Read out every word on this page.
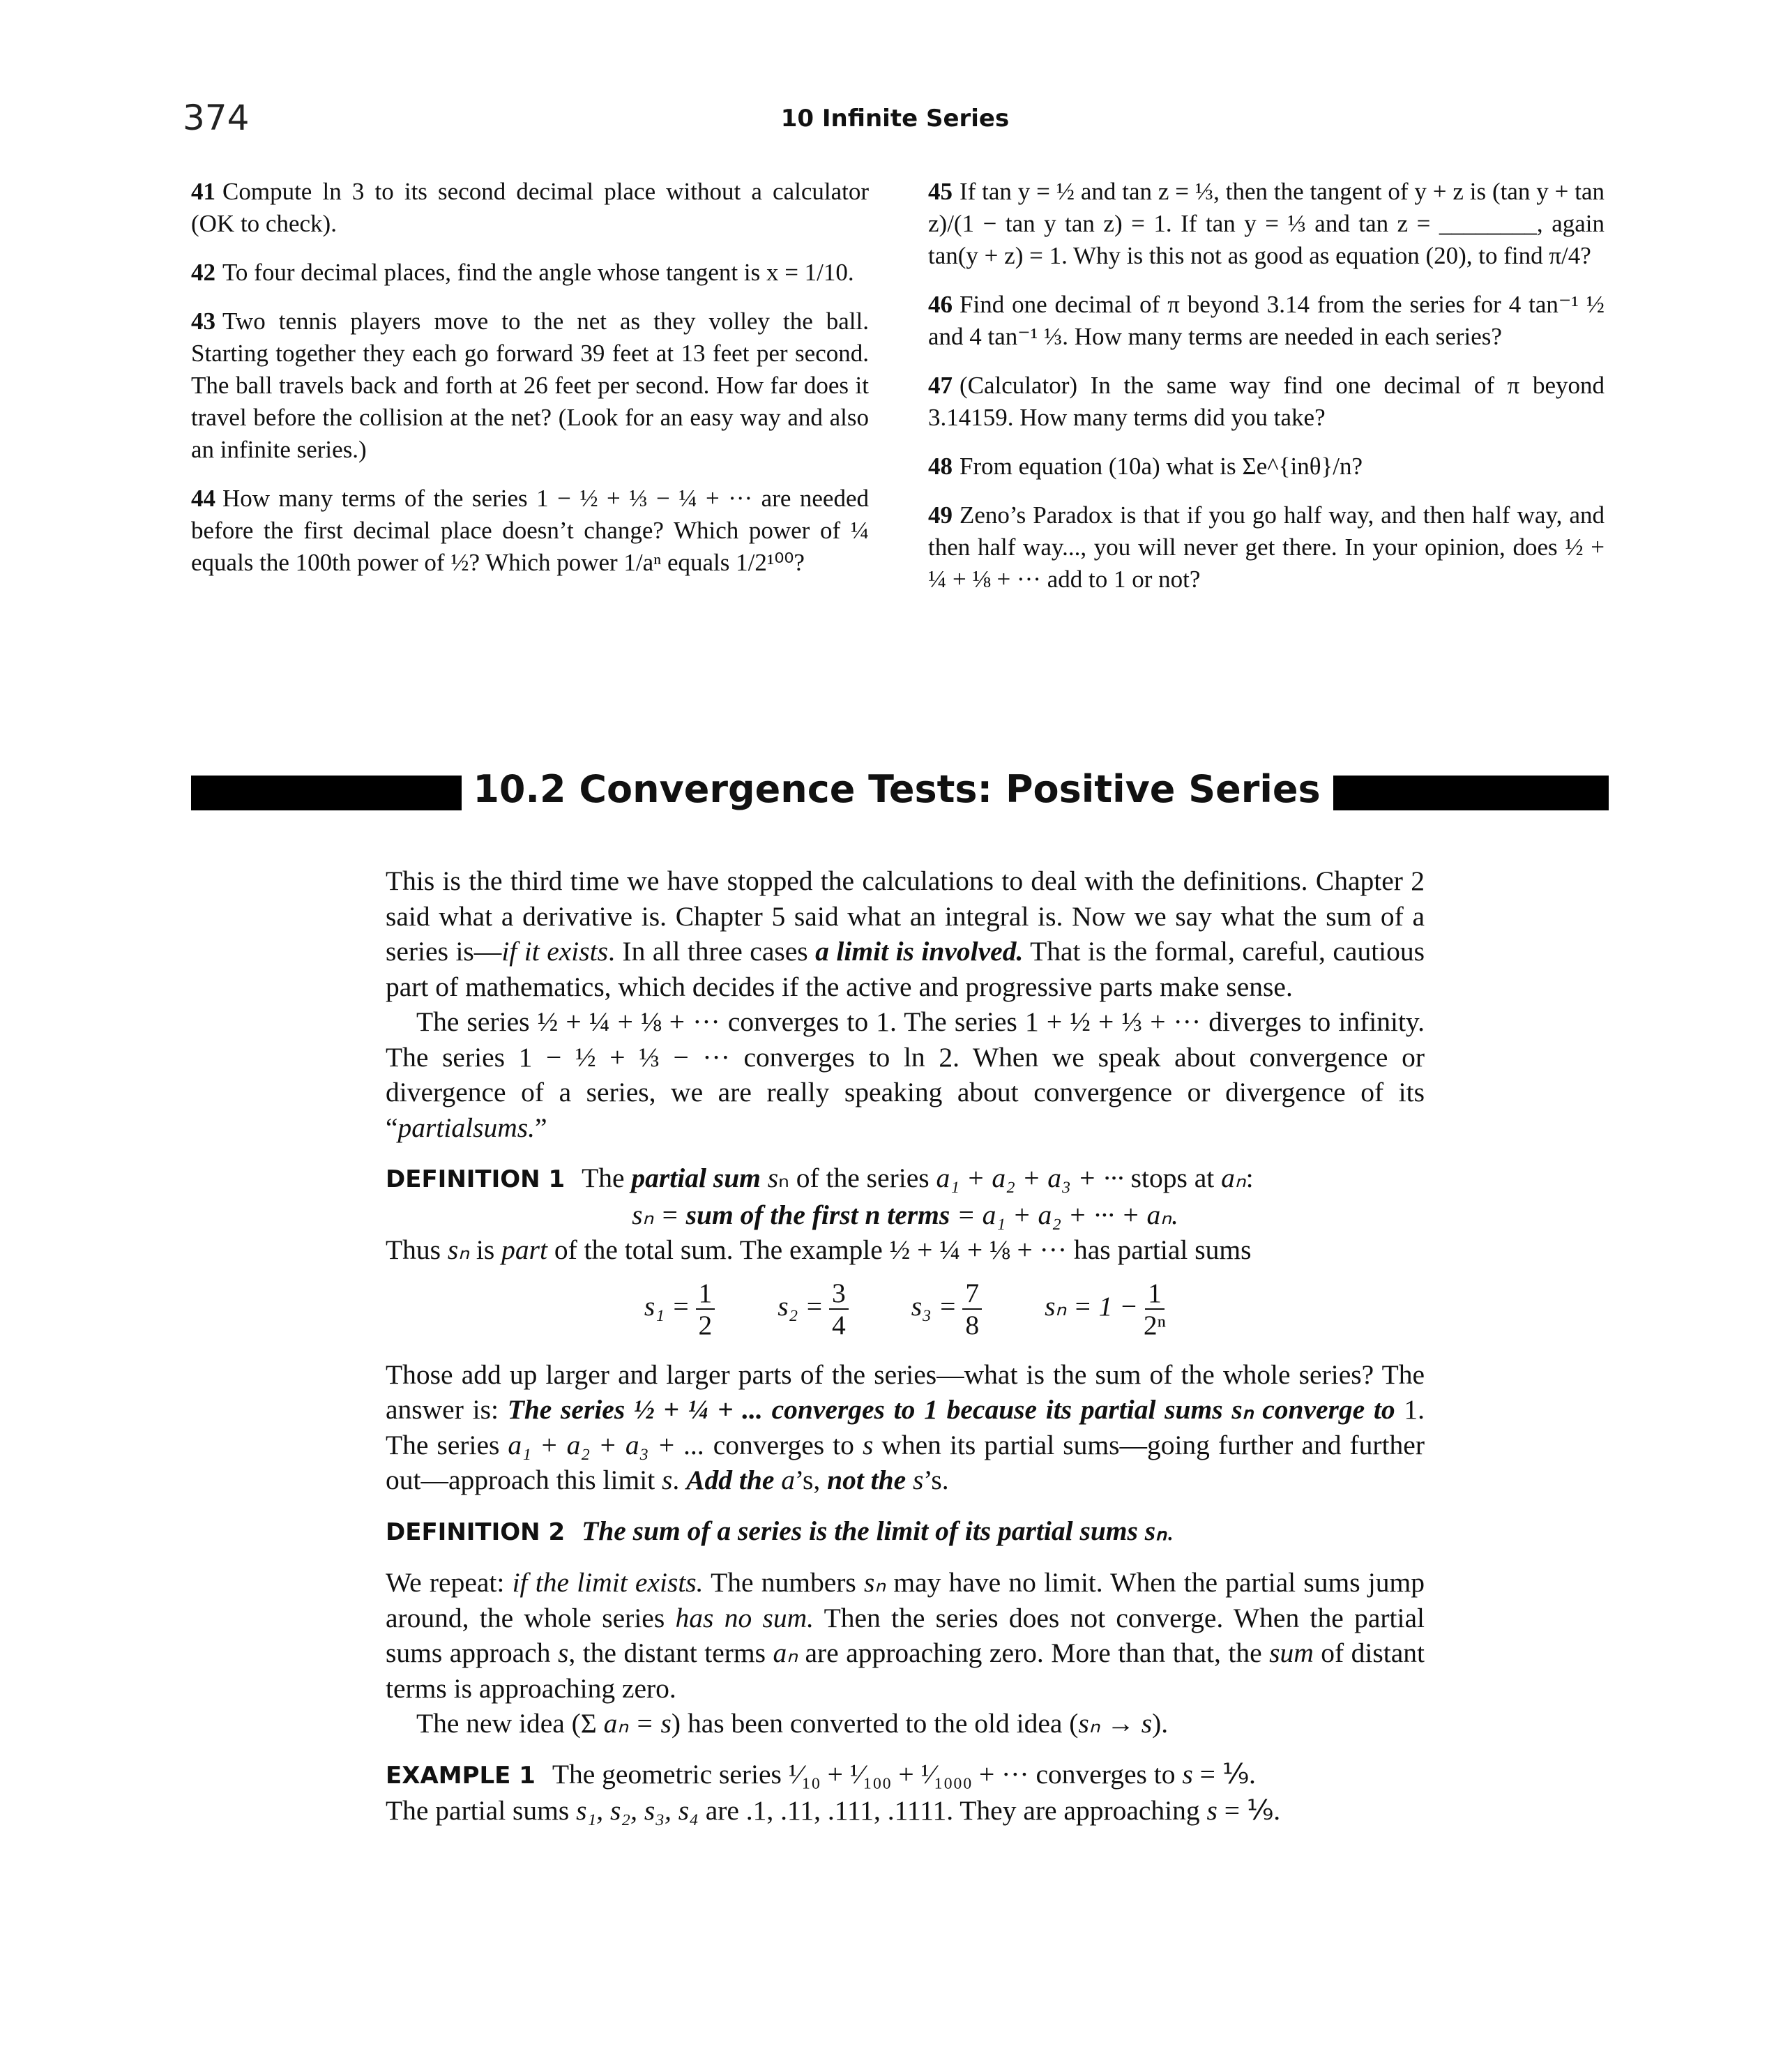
374	10 Infinite Series
41 Compute ln 3 to its second decimal place without a calculator (OK to check).
42 To four decimal places, find the angle whose tangent is x = 1/10.
43 Two tennis players move to the net as they volley the ball. Starting together they each go forward 39 feet at 13 feet per second. The ball travels back and forth at 26 feet per second. How far does it travel before the collision at the net? (Look for an easy way and also an infinite series.)
44 How many terms of the series 1 − ½ + ⅓ − ¼ + ··· are needed before the first decimal place doesn’t change? Which power of ¼ equals the 100th power of ½? Which power 1/aⁿ equals 1/2¹⁰⁰?
45 If tan y = ½ and tan z = ⅓, then the tangent of y + z is (tan y + tan z)/(1 − tan y tan z) = 1. If tan y = ⅓ and tan z = ________, again tan(y + z) = 1. Why is this not as good as equation (20), to find π/4?
46 Find one decimal of π beyond 3.14 from the series for 4 tan⁻¹ ½ and 4 tan⁻¹ ⅓. How many terms are needed in each series?
47 (Calculator) In the same way find one decimal of π beyond 3.14159. How many terms did you take?
48 From equation (10a) what is Σe^{inθ}/n?
49 Zeno’s Paradox is that if you go half way, and then half way, and then half way..., you will never get there. In your opinion, does ½ + ¼ + ⅛ + ··· add to 1 or not?
10.2 Convergence Tests: Positive Series

This is the third time we have stopped the calculations to deal with the definitions. Chapter 2 said what a derivative is. Chapter 5 said what an integral is. Now we say what the sum of a series is—if it exists. In all three cases a limit is involved. That is the formal, careful, cautious part of mathematics, which decides if the active and progressive parts make sense.

The series ½ + ¼ + ⅛ + ··· converges to 1. The series 1 + ½ + ⅓ + ··· diverges to infinity. The series 1 − ½ + ⅓ − ··· converges to ln 2. When we speak about convergence or divergence of a series, we are really speaking about convergence or divergence of its “partialsums.”

DEFINITION 1 The partial sum sₙ of the series a₁ + a₂ + a₃ + ··· stops at aₙ:

sₙ = sum of the first n terms = a₁ + a₂ + ··· + aₙ.

Thus sₙ is part of the total sum. The example ½ + ¼ + ⅛ + ··· has partial sums

$s_1 = \frac{1}{2} s_2 = \frac{3}{4} s_3 = \frac{7}{8}$ $s_n = 1 - \frac{1}{\text{2ⁿ}}$

Those add up larger and larger parts of the series—what is the sum of the whole series? The answer is: The series ½ + ¼ + ... converges to 1 because its partial sums sₙ converge to 1. The series a₁ + a₂ + a₃ + ... converges to s when its partial sums—going further and further out—approach this limit s. Add the a’s, not the s’s.

DEFINITION 2 The sum of a series is the limit of its partial sums sₙ.

We repeat: if the limit exists. The numbers sₙ may have no limit. When the partial sums jump around, the whole series has no sum. Then the series does not converge. When the partial sums approach s, the distant terms aₙ are approaching zero. More than that, the sum of distant terms is approaching zero.

The new idea (Σ aₙ = s) has been converted to the old idea (sₙ → s).

EXAMPLE 1 The geometric series ¹⁄₁₀ + ¹⁄₁₀₀ + ¹⁄₁₀₀₀ + ··· converges to s = ⅑.

The partial sums s₁, s₂, s₃, s₄ are .1, .11, .111, .1111. They are approaching s = ⅑.
